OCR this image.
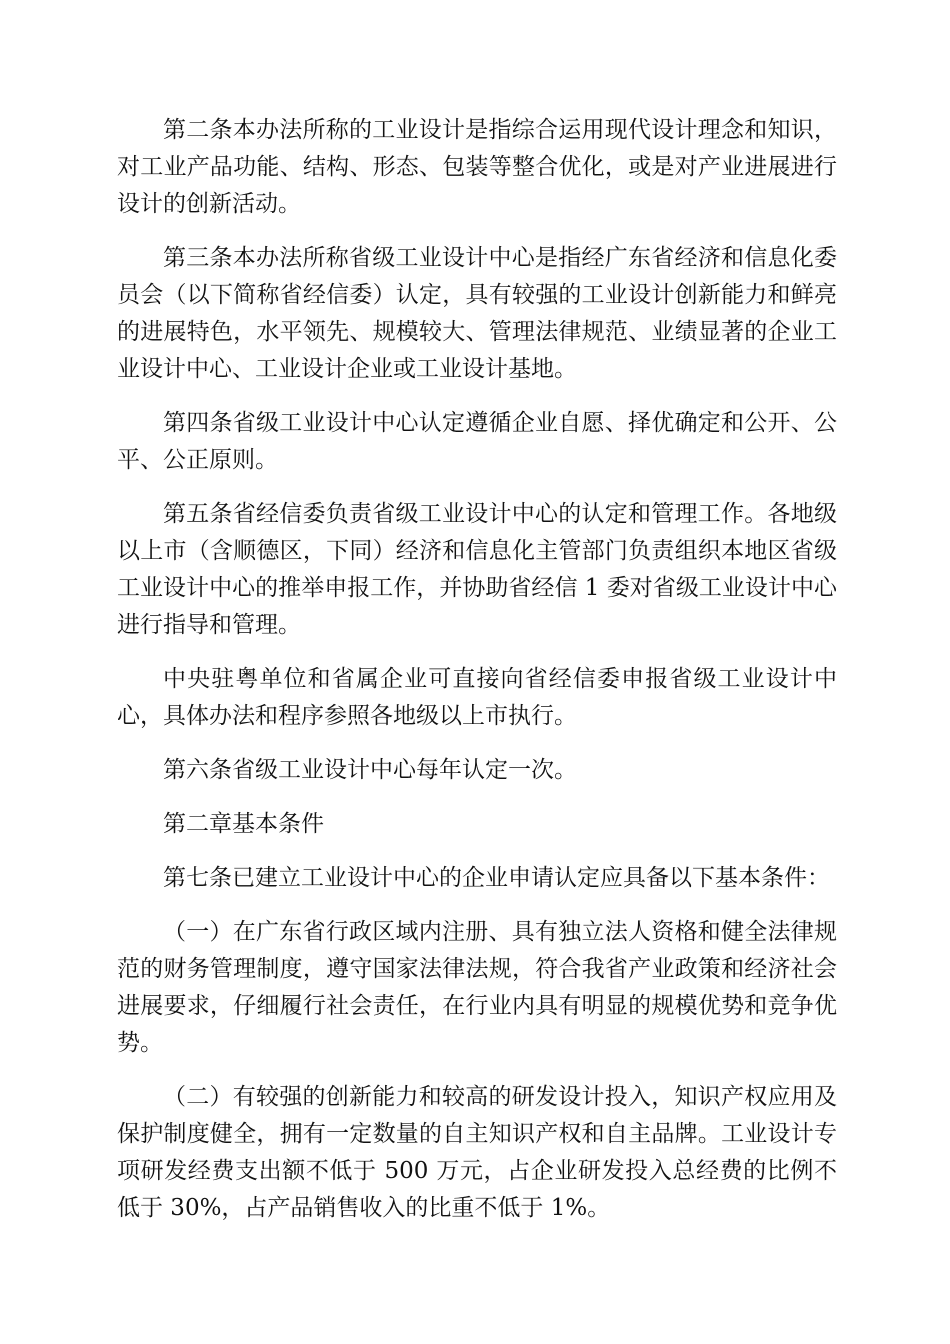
第二条本办法所称的工业设计是指综合运用现代设计理念和知识，对工业产品功能、结构、形态、包装等整合优化，或是对产业进展进行设计的创新活动。

第三条本办法所称省级工业设计中心是指经广东省经济和信息化委员会（以下简称省经信委）认定，具有较强的工业设计创新能力和鲜亮的进展特色，水平领先、规模较大、管理法律规范、业绩显著的企业工业设计中心、工业设计企业或工业设计基地。

第四条省级工业设计中心认定遵循企业自愿、择优确定和公开、公平、公正原则。

第五条省经信委负责省级工业设计中心的认定和管理工作。各地级以上市（含顺德区，下同）经济和信息化主管部门负责组织本地区省级工业设计中心的推举申报工作，并协助省经信 1 委对省级工业设计中心进行指导和管理。

中央驻粤单位和省属企业可直接向省经信委申报省级工业设计中心，具体办法和程序参照各地级以上市执行。

第六条省级工业设计中心每年认定一次。

第二章基本条件

第七条已建立工业设计中心的企业申请认定应具备以下基本条件：

（一）在广东省行政区域内注册、具有独立法人资格和健全法律规范的财务管理制度，遵守国家法律法规，符合我省产业政策和经济社会进展要求，仔细履行社会责任，在行业内具有明显的规模优势和竞争优势。

（二）有较强的创新能力和较高的研发设计投入，知识产权应用及保护制度健全，拥有一定数量的自主知识产权和自主品牌。工业设计专项研发经费支出额不低于 500 万元，占企业研发投入总经费的比例不低于 30%，占产品销售收入的比重不低于 1%。
